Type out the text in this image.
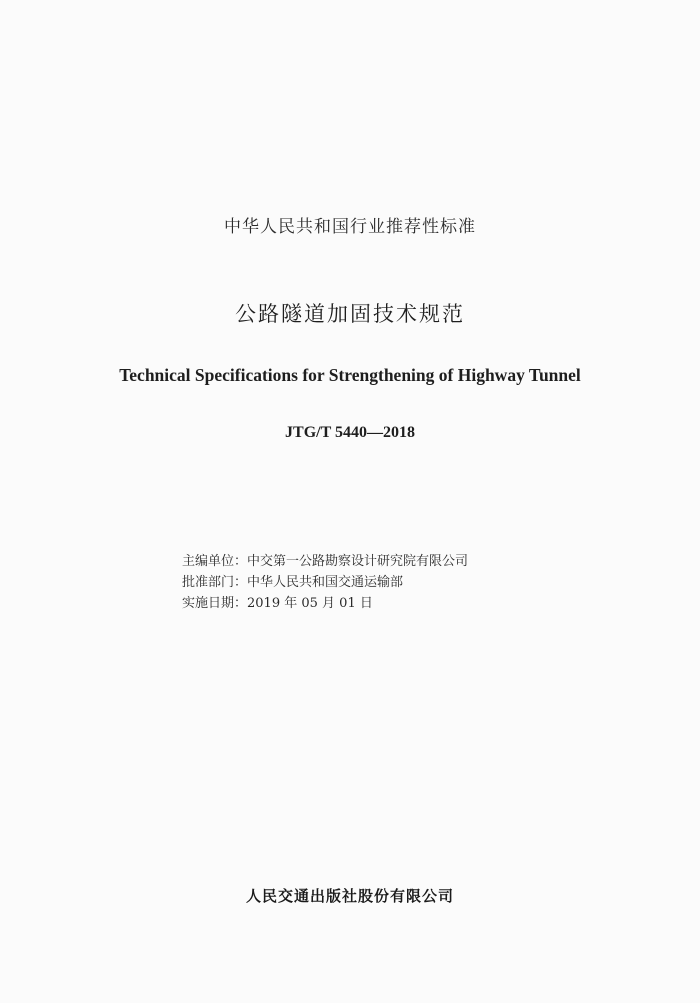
中华人民共和国行业推荐性标准
公路隧道加固技术规范
Technical Specifications for Strengthening of Highway Tunnel
JTG/T 5440—2018
主编单位：中交第一公路勘察设计研究院有限公司
批准部门：中华人民共和国交通运输部
实施日期：2019 年 05 月 01 日
人民交通出版社股份有限公司
